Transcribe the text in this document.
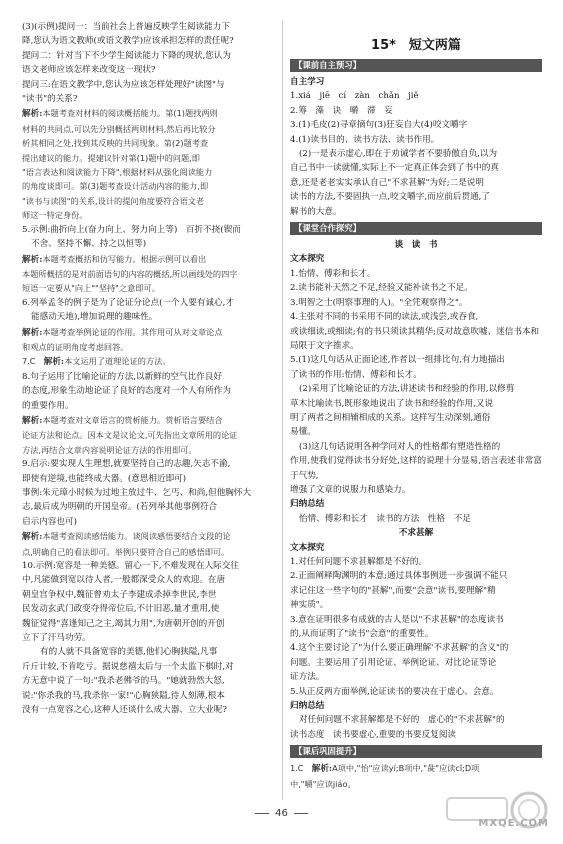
(3)(示例)提问一：当前社会上普遍反映学生阅读能力下
降,您认为语文教师(或语文教学)应该承担怎样的责任呢?
提问二：针对当下不少学生阅读能力下降的现状,您认为
语文老师应该怎样来改变这一现状?
提问三:在语文教学中,您认为应该怎样处理好"读图"与
"读书"的关系?
解析:本题考查对材料的阅读概括能力。第(1)题找两则
材料的共同点,可以先分别概括两则材料,然后再比较分
析其相同之处,找到其反映的共同现象。第(2)题考查
提出建议的能力。提建议针对第(1)题中的问题,即
"语言表达和阅读能力下降",根据材料从强化阅读能力
的角度谈即可。第(3)题考查设计活动内容的能力,即
"读书与读图"的关系,设计的提问角度要符合语文老
师这一特定身份。
5.示例:曲折向上(奋力向上、努力向上等)　百折不挠(锲而
不舍、坚持不懈、持之以恒等)
解析:本题考查概括和仿写能力。根据示例可以看出
本题所概括的是对前面语句的内容的概括,所以画线处的四字
短语一定要从"向上""坚持"之意即可。
6.列举孟冬的例子是为了论证分论点(一个人要有诚心,才
能感动天地),增加说理的趣味性。
解析:本题考查举例论证的作用。其作用可从对文章论点
和观点的证明角度考虑回答。
7.C　解析:本文运用了道理论证的方法。
8.句子运用了比喻论证的方法,以新鲜的空气比作良好
的态度,形象生动地论证了良好的态度对一个人有所作为
的重要作用。
解析:本题考查对文章语言的赏析能力。赏析语言要结合
论证方法和论点。因本文是议论文,可先指出文章所用的论证
方法,再结合文章内容说明论证方法的作用即可。
9.启示:要实现人生理想,就要坚持自己的志趣,矢志不渝,
即使有逆境,也能终成大器。(意思相近即可)
事例:朱元璋小时候为过地主放过牛、乞丐、和尚,但他胸怀大
志,最后成为明朝的开国皇帝。(若列举其他事例符合
启示内容也可)
解析:本题考查阅读感悟能力。谈阅读感悟要结合文段的论
点,明确自己的看法即可。举例只要符合自己的感悟即可。
10.示例:宽容是一种美德。留心一下,不难发现在人际交往
中,凡能做到宽以待人者,一般都深受众人的欢迎。在唐
朝皇宫争权中,魏征曾劝太子李建成杀掉李世民,李世
民发动玄武门政变夺得帝位后,不计旧恶,量才重用,使
魏征觉得"喜逢知己之主,竭其力用",为唐朝开创的开创
立下了汗马功劳。
有的人就不具备宽容的美德,他们心胸狭隘,凡事
斤斤计较,不肯吃亏。据说慈禧太后与一个太监下棋时,对
方无意中说了一句:"我杀老佛爷的马。"她就勃然大怒,
说:"你杀我的马,我杀你一家!"心胸狭隘,待人刻薄,根本
没有一点宽容之心,这种人还谈什么成大器、立大业呢?
15*　短文两篇
【课前自主预习】
自主学习
1.xiá　jiē　cí　zàn　chǎn　jiě
2.筹　藻　诀　嚼　滞　妄
3.(1)毛皮(2)寻章摘句(3)狂妄自大(4)咬文嚼字
4.(1)读书目的、读书方法、读书作用。
(2)一是表示虚心,即在于劝诫学者不要骄傲自负,以为
自己书中一读就懂,实际上不一定真正体会到了书中的真
意,还是老老实实承认自己"不求甚解"为好;二是说明
读书的方法,不要固执一点,咬文嚼字,而应前后贯通,了
解书的大意。
【课堂合作探究】
谈　读　书
文本探究
1.怡情、傅彩和长才。
2.读书能补天然之不足,经验又能补读书之不足。
3.明智之士(明察事理的人)。"全凭观察得之"。
4.主张对不同的书采用不同的读法,或浅尝,或吞食,
或读细读,或细读;有的书只须读其精华;反对故意吹嘘、迷信书本和
局限于文字推求。
5.(1)这几句话从正面论述,作者以一组排比句,有力地描出
了读书的作用:怡情、傅彩和长才。
(2)采用了比喻论证的方法,讲述读书和经验的作用,以修剪
草木比喻读书,既形象地说出了读书和经验的作用,又说
明了两者之间相辅相成的关系。这样写生动深刻,通俗
易懂。
(3)这几句话说明各种学问对人的性格都有塑造性格的
作用,使我们觉得读书分好处,这样的说理十分显易,语言表述非常富于气势,
增强了文章的说服力和感染力。
归纳总结
怡情、傅彩和长才　读书的方法　性格　不足
不求甚解
文本探究
1.对任何问题不求甚解都是不好的。
2.正面阐释陶渊明的本意;通过具体事例进一步强调不能只
求记住这一些字句的"甚解",而要"会意"读书,要理解"精
神实质"。
3.意在证明很多有成就的古人是以"不求甚解"的态度读书
的,从而证明了"读书"会意"的重要性。
4.这个主要讨论了"为什么要正确理解'不求甚解'的含义"的
问题。主要运用了引用论证、举例论证、对比论证等论
证方法。
5.从正反两方面举例,论证读书的要决在于虚心、会意。
归纳总结
对任何问题不求甚解都是不好的　虚心的"不求甚解"的
读书态度　读书要虚心,重要的书要反复阅读
【课后巩固提升】
1.C　解析:A项中,"怡"应读yí;B项中,"彘"应读cǐ;D项
中,"嚼"应读jiáo。
46
MXQE.COM
